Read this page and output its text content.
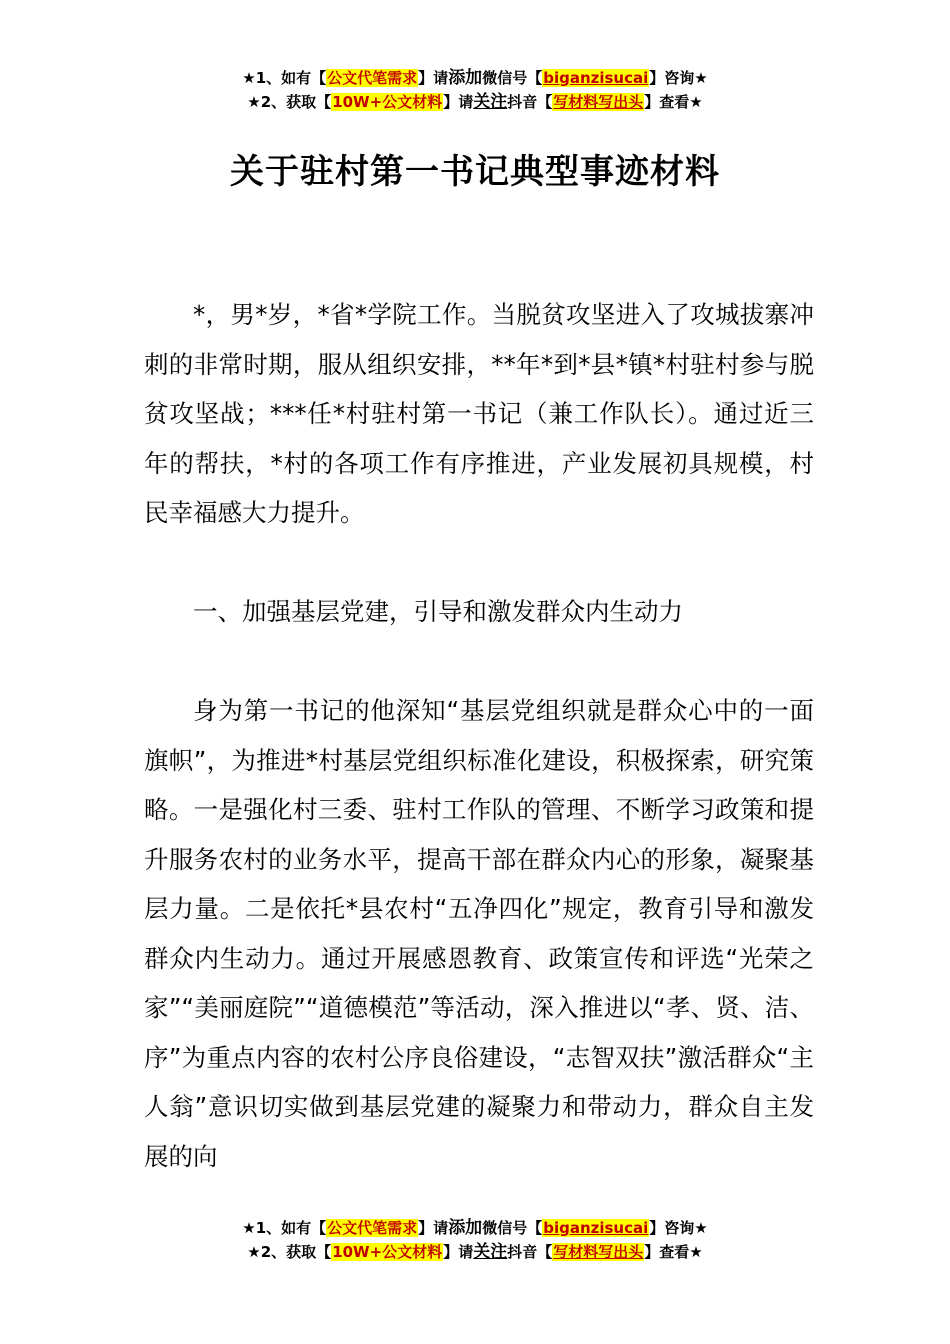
★1、如有【公文代笔需求】请添加微信号【biganzisucai】咨询★
★2、获取【10W+公文材料】请关注抖音【写材料写出头】查看★
关于驻村第一书记典型事迹材料

*，男*岁，*省*学院工作。当脱贫攻坚进入了攻城拔寨冲刺的非常时期，服从组织安排，**年*到*县*镇*村驻村参与脱贫攻坚战；***任*村驻村第一书记（兼工作队长）。通过近三年的帮扶，*村的各项工作有序推进，产业发展初具规模，村民幸福感大力提升。

一、加强基层党建，引导和激发群众内生动力

身为第一书记的他深知“基层党组织就是群众心中的一面旗帜”，为推进*村基层党组织标准化建设，积极探索，研究策略。一是强化村三委、驻村工作队的管理、不断学习政策和提升服务农村的业务水平，提高干部在群众内心的形象，凝聚基层力量。二是依托*县农村“五净四化”规定，教育引导和激发群众内生动力。通过开展感恩教育、政策宣传和评选“光荣之家”“美丽庭院”“道德模范”等活动，深入推进以“孝、贤、洁、序”为重点内容的农村公序良俗建设，“志智双扶”激活群众“主人翁”意识切实做到基层党建的凝聚力和带动力，群众自主发展的向

★1、如有【公文代笔需求】请添加微信号【biganzisucai】咨询★
★2、获取【10W+公文材料】请关注抖音【写材料写出头】查看★
